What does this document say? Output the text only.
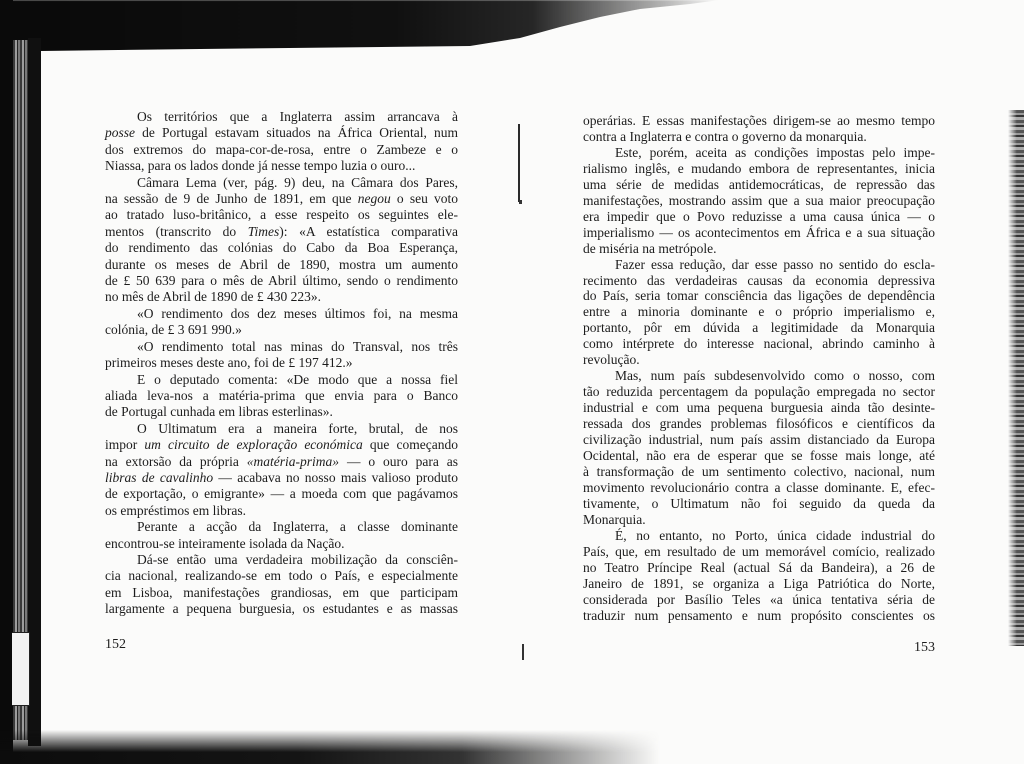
Os territórios que a Inglaterra assim arrancava à
posse de Portugal estavam situados na África Oriental, num
dos extremos do mapa-cor-de-rosa, entre o Zambeze e o
Niassa, para os lados donde já nesse tempo luzia o ouro...
Câmara Lema (ver, pág. 9) deu, na Câmara dos Pares,
na sessão de 9 de Junho de 1891, em que negou o seu voto
ao tratado luso-britânico, a esse respeito os seguintes ele-
mentos (transcrito do Times): «A estatística comparativa
do rendimento das colónias do Cabo da Boa Esperança,
durante os meses de Abril de 1890, mostra um aumento
de £ 50 639 para o mês de Abril último, sendo o rendimento
no mês de Abril de 1890 de £ 430 223».
«O rendimento dos dez meses últimos foi, na mesma
colónia, de £ 3 691 990.»
«O rendimento total nas minas do Transval, nos três
primeiros meses deste ano, foi de £ 197 412.»
E o deputado comenta: «De modo que a nossa fiel
aliada leva-nos a matéria-prima que envia para o Banco
de Portugal cunhada em libras esterlinas».
O Ultimatum era a maneira forte, brutal, de nos
impor um circuito de exploração económica que começando
na extorsão da própria «matéria-prima» — o ouro para as
libras de cavalinho — acabava no nosso mais valioso produto
de exportação, o emigrante» — a moeda com que pagávamos
os empréstimos em libras.
Perante a acção da Inglaterra, a classe dominante
encontrou-se inteiramente isolada da Nação.
Dá-se então uma verdadeira mobilização da consciên-
cia nacional, realizando-se em todo o País, e especialmente
em Lisboa, manifestações grandiosas, em que participam
largamente a pequena burguesia, os estudantes e as massas
152
operárias. E essas manifestações dirigem-se ao mesmo tempo
contra a Inglaterra e contra o governo da monarquia.
Este, porém, aceita as condições impostas pelo impe-
rialismo inglês, e mudando embora de representantes, inicia
uma série de medidas antidemocráticas, de repressão das
manifestações, mostrando assim que a sua maior preocupação
era impedir que o Povo reduzisse a uma causa única — o
imperialismo — os acontecimentos em África e a sua situação
de miséria na metrópole.
Fazer essa redução, dar esse passo no sentido do escla-
recimento das verdadeiras causas da economia depressiva
do País, seria tomar consciência das ligações de dependência
entre a minoria dominante e o próprio imperialismo e,
portanto, pôr em dúvida a legitimidade da Monarquia
como intérprete do interesse nacional, abrindo caminho à
revolução.
Mas, num país subdesenvolvido como o nosso, com
tão reduzida percentagem da população empregada no sector
industrial e com uma pequena burguesia ainda tão desinte-
ressada dos grandes problemas filosóficos e científicos da
civilização industrial, num país assim distanciado da Europa
Ocidental, não era de esperar que se fosse mais longe, até
à transformação de um sentimento colectivo, nacional, num
movimento revolucionário contra a classe dominante. E, efec-
tivamente, o Ultimatum não foi seguido da queda da
Monarquia.
É, no entanto, no Porto, única cidade industrial do
País, que, em resultado de um memorável comício, realizado
no Teatro Príncipe Real (actual Sá da Bandeira), a 26 de
Janeiro de 1891, se organiza a Liga Patriótica do Norte,
considerada por Basílio Teles «a única tentativa séria de
traduzir num pensamento e num propósito conscientes os
153
